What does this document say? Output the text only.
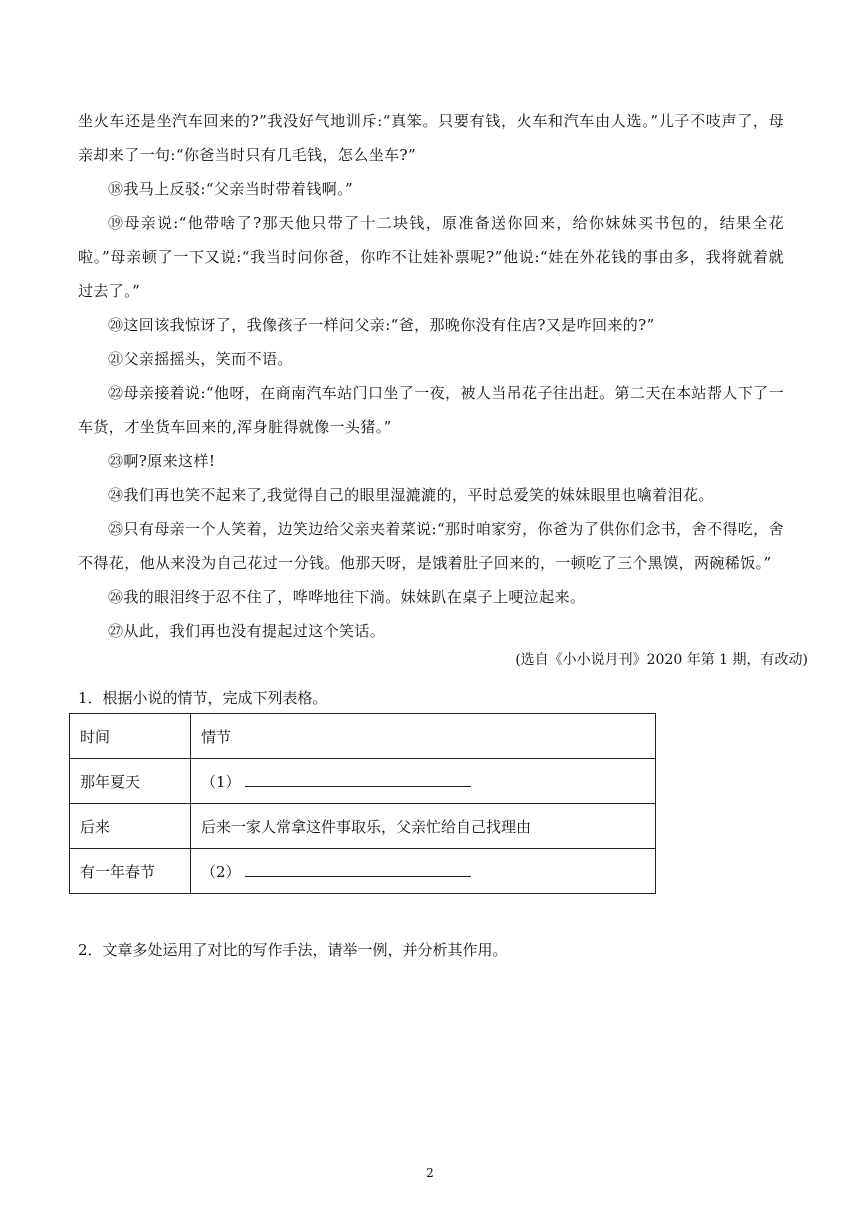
坐火车还是坐汽车回来的?”我没好气地训斥:“真笨。只要有钱，火车和汽车由人选。”儿子不吱声了，母亲却来了一句:“你爸当时只有几毛钱，怎么坐车?”

⑱我马上反驳:“父亲当时带着钱啊。”

⑲母亲说:“他带啥了?那天他只带了十二块钱，原准备送你回来，给你妹妹买书包的，结果全花啦。”母亲顿了一下又说:“我当时问你爸，你咋不让娃补票呢?”他说:“娃在外花钱的事由多，我将就着就过去了。”

⑳这回该我惊讶了，我像孩子一样问父亲:“爸，那晚你没有住店?又是咋回来的?”

㉑父亲摇摇头，笑而不语。

㉒母亲接着说:“他呀，在商南汽车站门口坐了一夜，被人当吊花子往出赶。第二天在本站帮人下了一车货，才坐货车回来的,浑身脏得就像一头猪。”

㉓啊?原来这样!

㉔我们再也笑不起来了,我觉得自己的眼里湿漉漉的，平时总爱笑的妹妹眼里也噙着泪花。

㉕只有母亲一个人笑着，边笑边给父亲夹着菜说:“那时咱家穷，你爸为了供你们念书，舍不得吃，舍不得花，他从来没为自己花过一分钱。他那天呀，是饿着肚子回来的，一顿吃了三个黑馍，两碗稀饭。”

㉖我的眼泪终于忍不住了，哗哗地往下淌。妹妹趴在桌子上哽泣起来。

㉗从此，我们再也没有提起过这个笑话。

(选自《小小说月刊》2020 年第 1 期，有改动)

1．根据小说的情节，完成下列表格。

时间	情节
那年夏天	（1）
后来	后来一家人常拿这件事取乐，父亲忙给自己找理由
有一年春节	（2）

2．文章多处运用了对比的写作手法，请举一例，并分析其作用。

2
